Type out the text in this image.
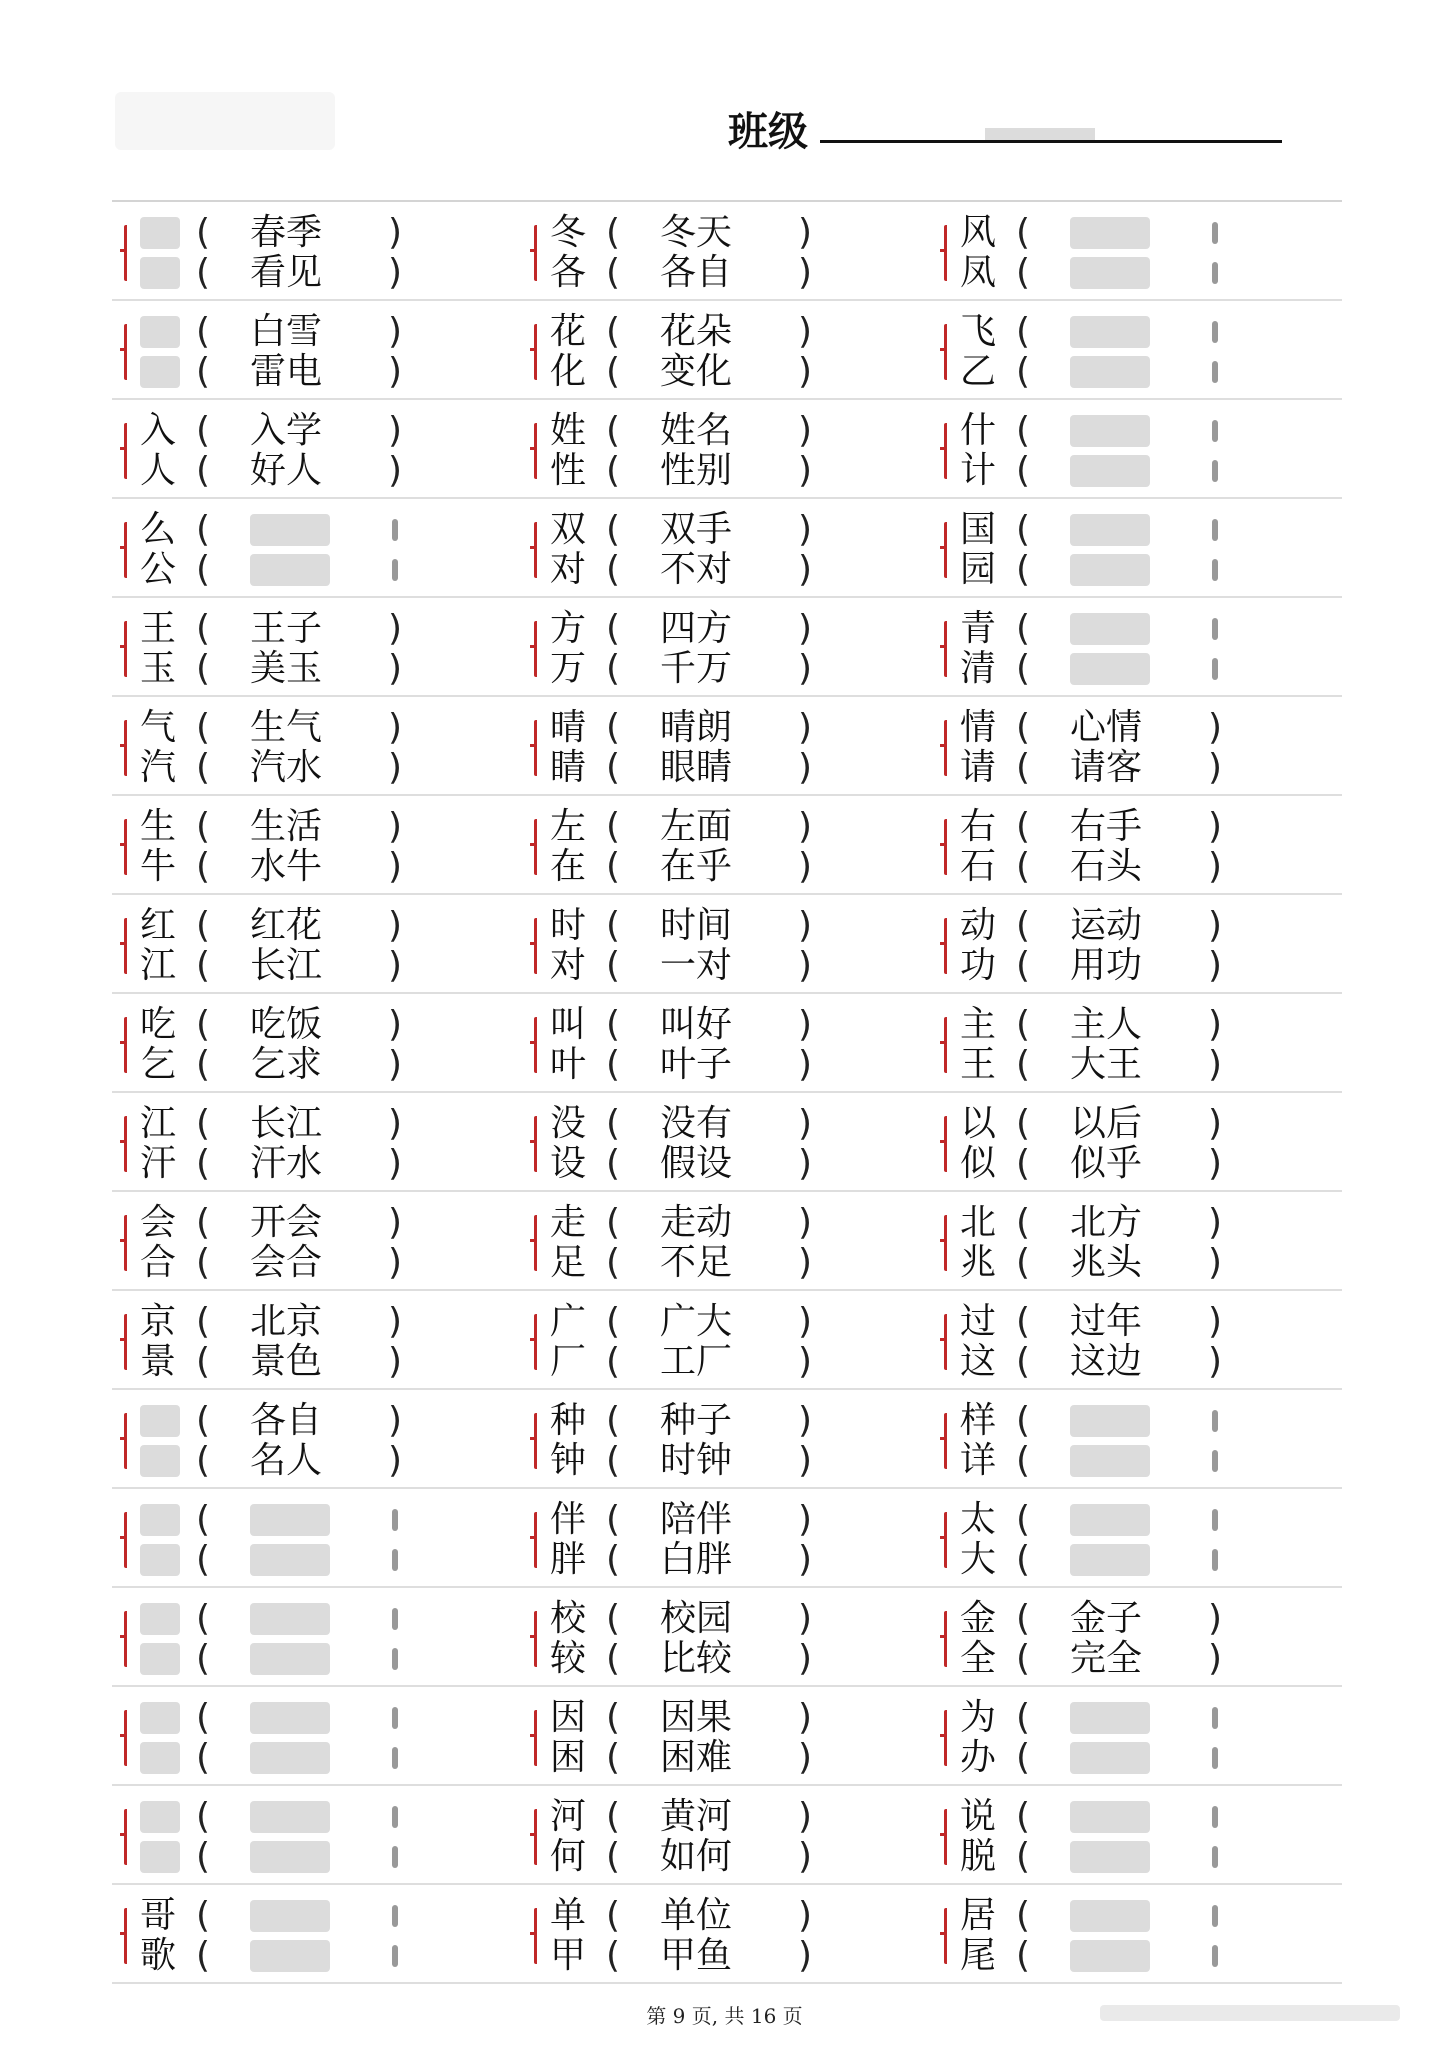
班级
(	春季	)
(	看见	)
冬 (	冬天	)
各 (	各自	)
风 (
凤 (
(	白雪	)
(	雷电	)
花 (	花朵	)
化 (	变化	)
飞 (
乙 (
入 (	入学	)
人 (	好人	)
姓 (	姓名	)
性 (	性别	)
什 (
计 (
么 (
公 (
双 (	双手	)
对 (	不对	)
国 (
园 (
王 (	王子	)
玉 (	美玉	)
方 (	四方	)
万 (	千万	)
青 (
清 (
气 (	生气	)
汽 (	汽水	)
晴 (	晴朗	)
睛 (	眼睛	)
情 (	心情	)
请 (	请客	)
生 (	生活	)
牛 (	水牛	)
左 (	左面	)
在 (	在乎	)
右 (	右手	)
石 (	石头	)
红 (	红花	)
江 (	长江	)
时 (	时间	)
对 (	一对	)
动 (	运动	)
功 (	用功	)
吃 (	吃饭	)
乞 (	乞求	)
叫 (	叫好	)
叶 (	叶子	)
主 (	主人	)
王 (	大王	)
江 (	长江	)
汗 (	汗水	)
没 (	没有	)
设 (	假设	)
以 (	以后	)
似 (	似乎	)
会 (	开会	)
合 (	会合	)
走 (	走动	)
足 (	不足	)
北 (	北方	)
兆 (	兆头	)
京 (	北京	)
景 (	景色	)
广 (	广大	)
厂 (	工厂	)
过 (	过年	)
这 (	这边	)
(	各自	)
(	名人	)
种 (	种子	)
钟 (	时钟	)
样 (
详 (
(
(
伴 (	陪伴	)
胖 (	白胖	)
太 (
大 (
(
(
校 (	校园	)
较 (	比较	)
金 (	金子	)
全 (	完全	)
(
(
因 (	因果	)
困 (	困难	)
为 (
办 (
(
(
河 (	黄河	)
何 (	如何	)
说 (
脱 (
哥 (
歌 (
单 (	单位	)
甲 (	甲鱼	)
居 (
尾 (
第 9 页, 共 16 页
